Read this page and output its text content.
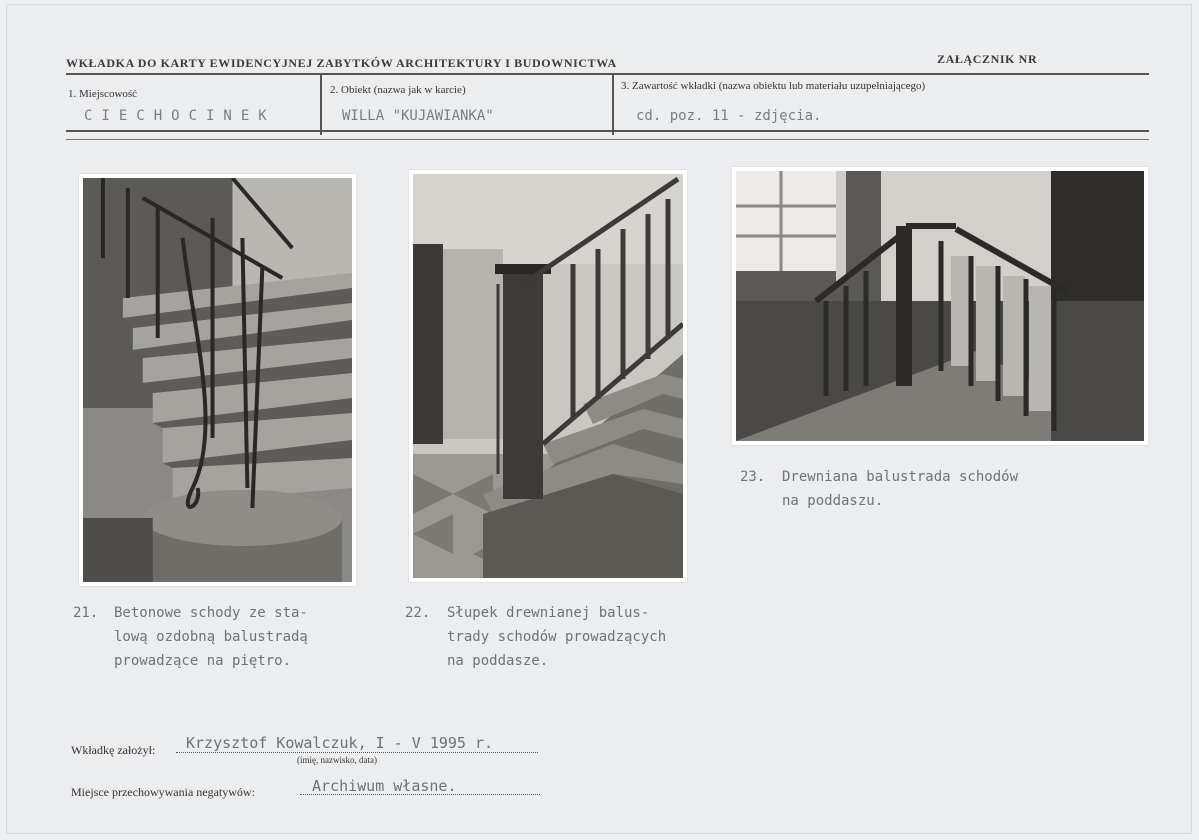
WKŁADKA DO KARTY EWIDENCYJNEJ ZABYTKÓW ARCHITEKTURY I BUDOWNICTWA	ZAŁĄCZNIK NR
1. Miejscowość
CIECHOCINEK
2. Obiekt (nazwa jak w karcie)
WILLA "KUJAWIANKA"
3. Zawartość wkładki (nazwa obiektu lub materiału uzupełniającego)
cd. poz. 11 - zdjęcia.
21. Betonowe schody ze sta-
lową ozdobną balustradą
prowadzące na piętro.
22. Słupek drewnianej balus-
trady schodów prowadzących
na poddasze.
23. Drewniana balustrada schodów
na poddaszu.
Wkładkę założył: Krzysztof Kowalczuk, I - V 1995 r.
(imię, nazwisko, data)
Miejsce przechowywania negatywów:	Archiwum własne.
